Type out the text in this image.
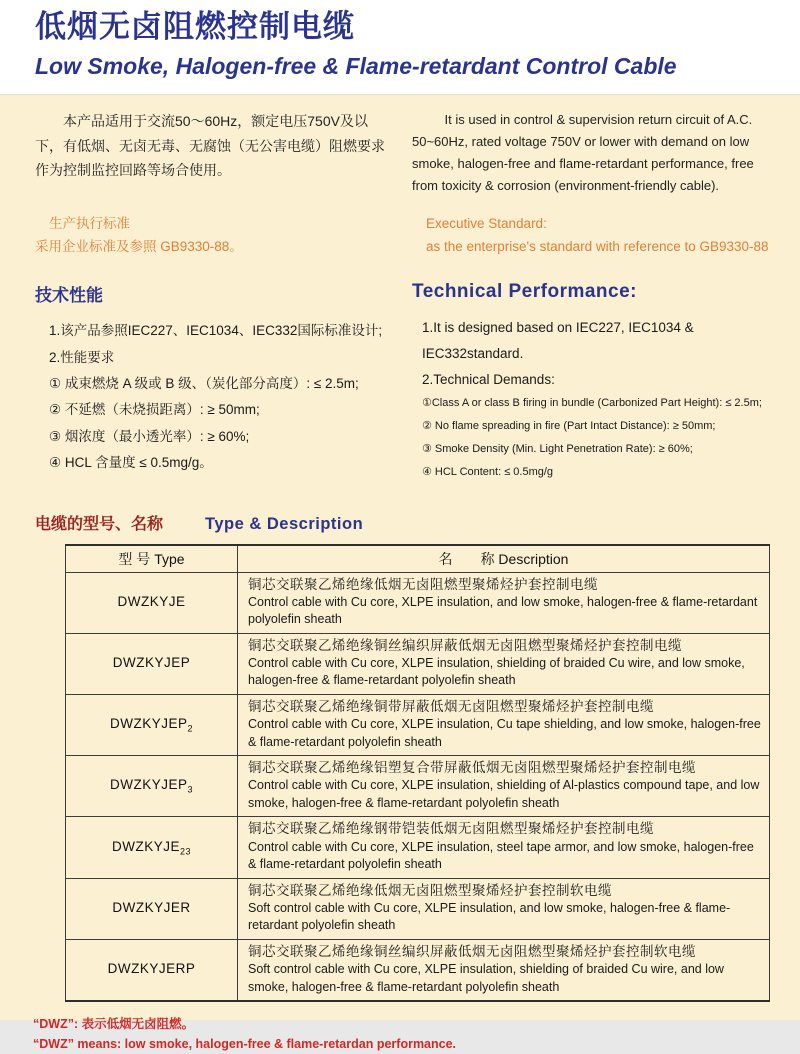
低烟无卤阻燃控制电缆
Low Smoke, Halogen-free & Flame-retardant Control Cable

本产品适用于交流50～60Hz，额定电压750V及以下，有低烟、无卤无毒、无腐蚀（无公害电缆）阻燃要求作为控制监控回路等场合使用。

It is used in control & supervision return circuit of A.C. 50~60Hz, rated voltage 750V or lower with demand on low smoke, halogen-free and flame-retardant performance, free from toxicity & corrosion (environment-friendly cable).

生产执行标准
采用企业标准及参照 GB9330-88。
Executive Standard:
as the enterprise's standard with reference to GB9330-88
技术性能
1.该产品参照IEC227、IEC1034、IEC332国际标准设计;
2.性能要求
① 成束燃烧 A 级或 B 级、（炭化部分高度）: ≤ 2.5m;
② 不延燃（未烧损距离）: ≥ 50mm;
③ 烟浓度（最小透光率）: ≥ 60%;
④ HCL 含量度 ≤ 0.5mg/g。
Technical Performance:
1.It is designed based on IEC227, IEC1034 & IEC332standard.
2.Technical Demands:
①Class A or class B firing in bundle (Carbonized Part Height): ≤ 2.5m;
② No flame spreading in fire (Part Intact Distance): ≥ 50mm;
③ Smoke Density (Min. Light Penetration Rate): ≥ 60%;
④ HCL Content: ≤ 0.5mg/g
电缆的型号、名称	Type & Description
型 号 Type	名　　称 Description
DWZKYJE	铜芯交联聚乙烯绝缘低烟无卤阻燃型聚烯烃护套控制电缆
Control cable with Cu core, XLPE insulation, and low smoke, halogen-free & flame-retardant polyolefin sheath

DWZKYJEP	铜芯交联聚乙烯绝缘铜丝编织屏蔽低烟无卤阻燃型聚烯烃护套控制电缆
Control cable with Cu core, XLPE insulation, shielding of braided Cu wire, and low smoke, halogen-free & flame-retardant polyolefin sheath

$DWZKYJEP_2$	铜芯交联聚乙烯绝缘铜带屏蔽低烟无卤阻燃型聚烯烃护套控制电缆
Control cable with Cu core, XLPE insulation, Cu tape shielding, and low smoke, halogen-free & flame-retardant polyolefin sheath

$DWZKYJEP_3$	铜芯交联聚乙烯绝缘铝塑复合带屏蔽低烟无卤阻燃型聚烯烃护套控制电缆
Control cable with Cu core, XLPE insulation, shielding of Al-plastics compound tape, and low smoke, halogen-free & flame-retardant polyolefin sheath

$DWZKYJE_{23}$	铜芯交联聚乙烯绝缘钢带铠装低烟无卤阻燃型聚烯烃护套控制电缆
Control cable with Cu core, XLPE insulation, steel tape armor, and low smoke, halogen-free & flame-retardant polyolefin sheath

DWZKYJER	铜芯交联聚乙烯绝缘低烟无卤阻燃型聚烯烃护套控制软电缆
Soft control cable with Cu core, XLPE insulation, and low smoke, halogen-free & flame-retardant polyolefin sheath

DWZKYJERP	铜芯交联聚乙烯绝缘铜丝编织屏蔽低烟无卤阻燃型聚烯烃护套控制软电缆
Soft control cable with Cu core, XLPE insulation, shielding of braided Cu wire, and low smoke, halogen-free & flame-retardant polyolefin sheath
“DWZ”: 表示低烟无卤阻燃。
“DWZ” means: low smoke, halogen-free & flame-retardan performance.
